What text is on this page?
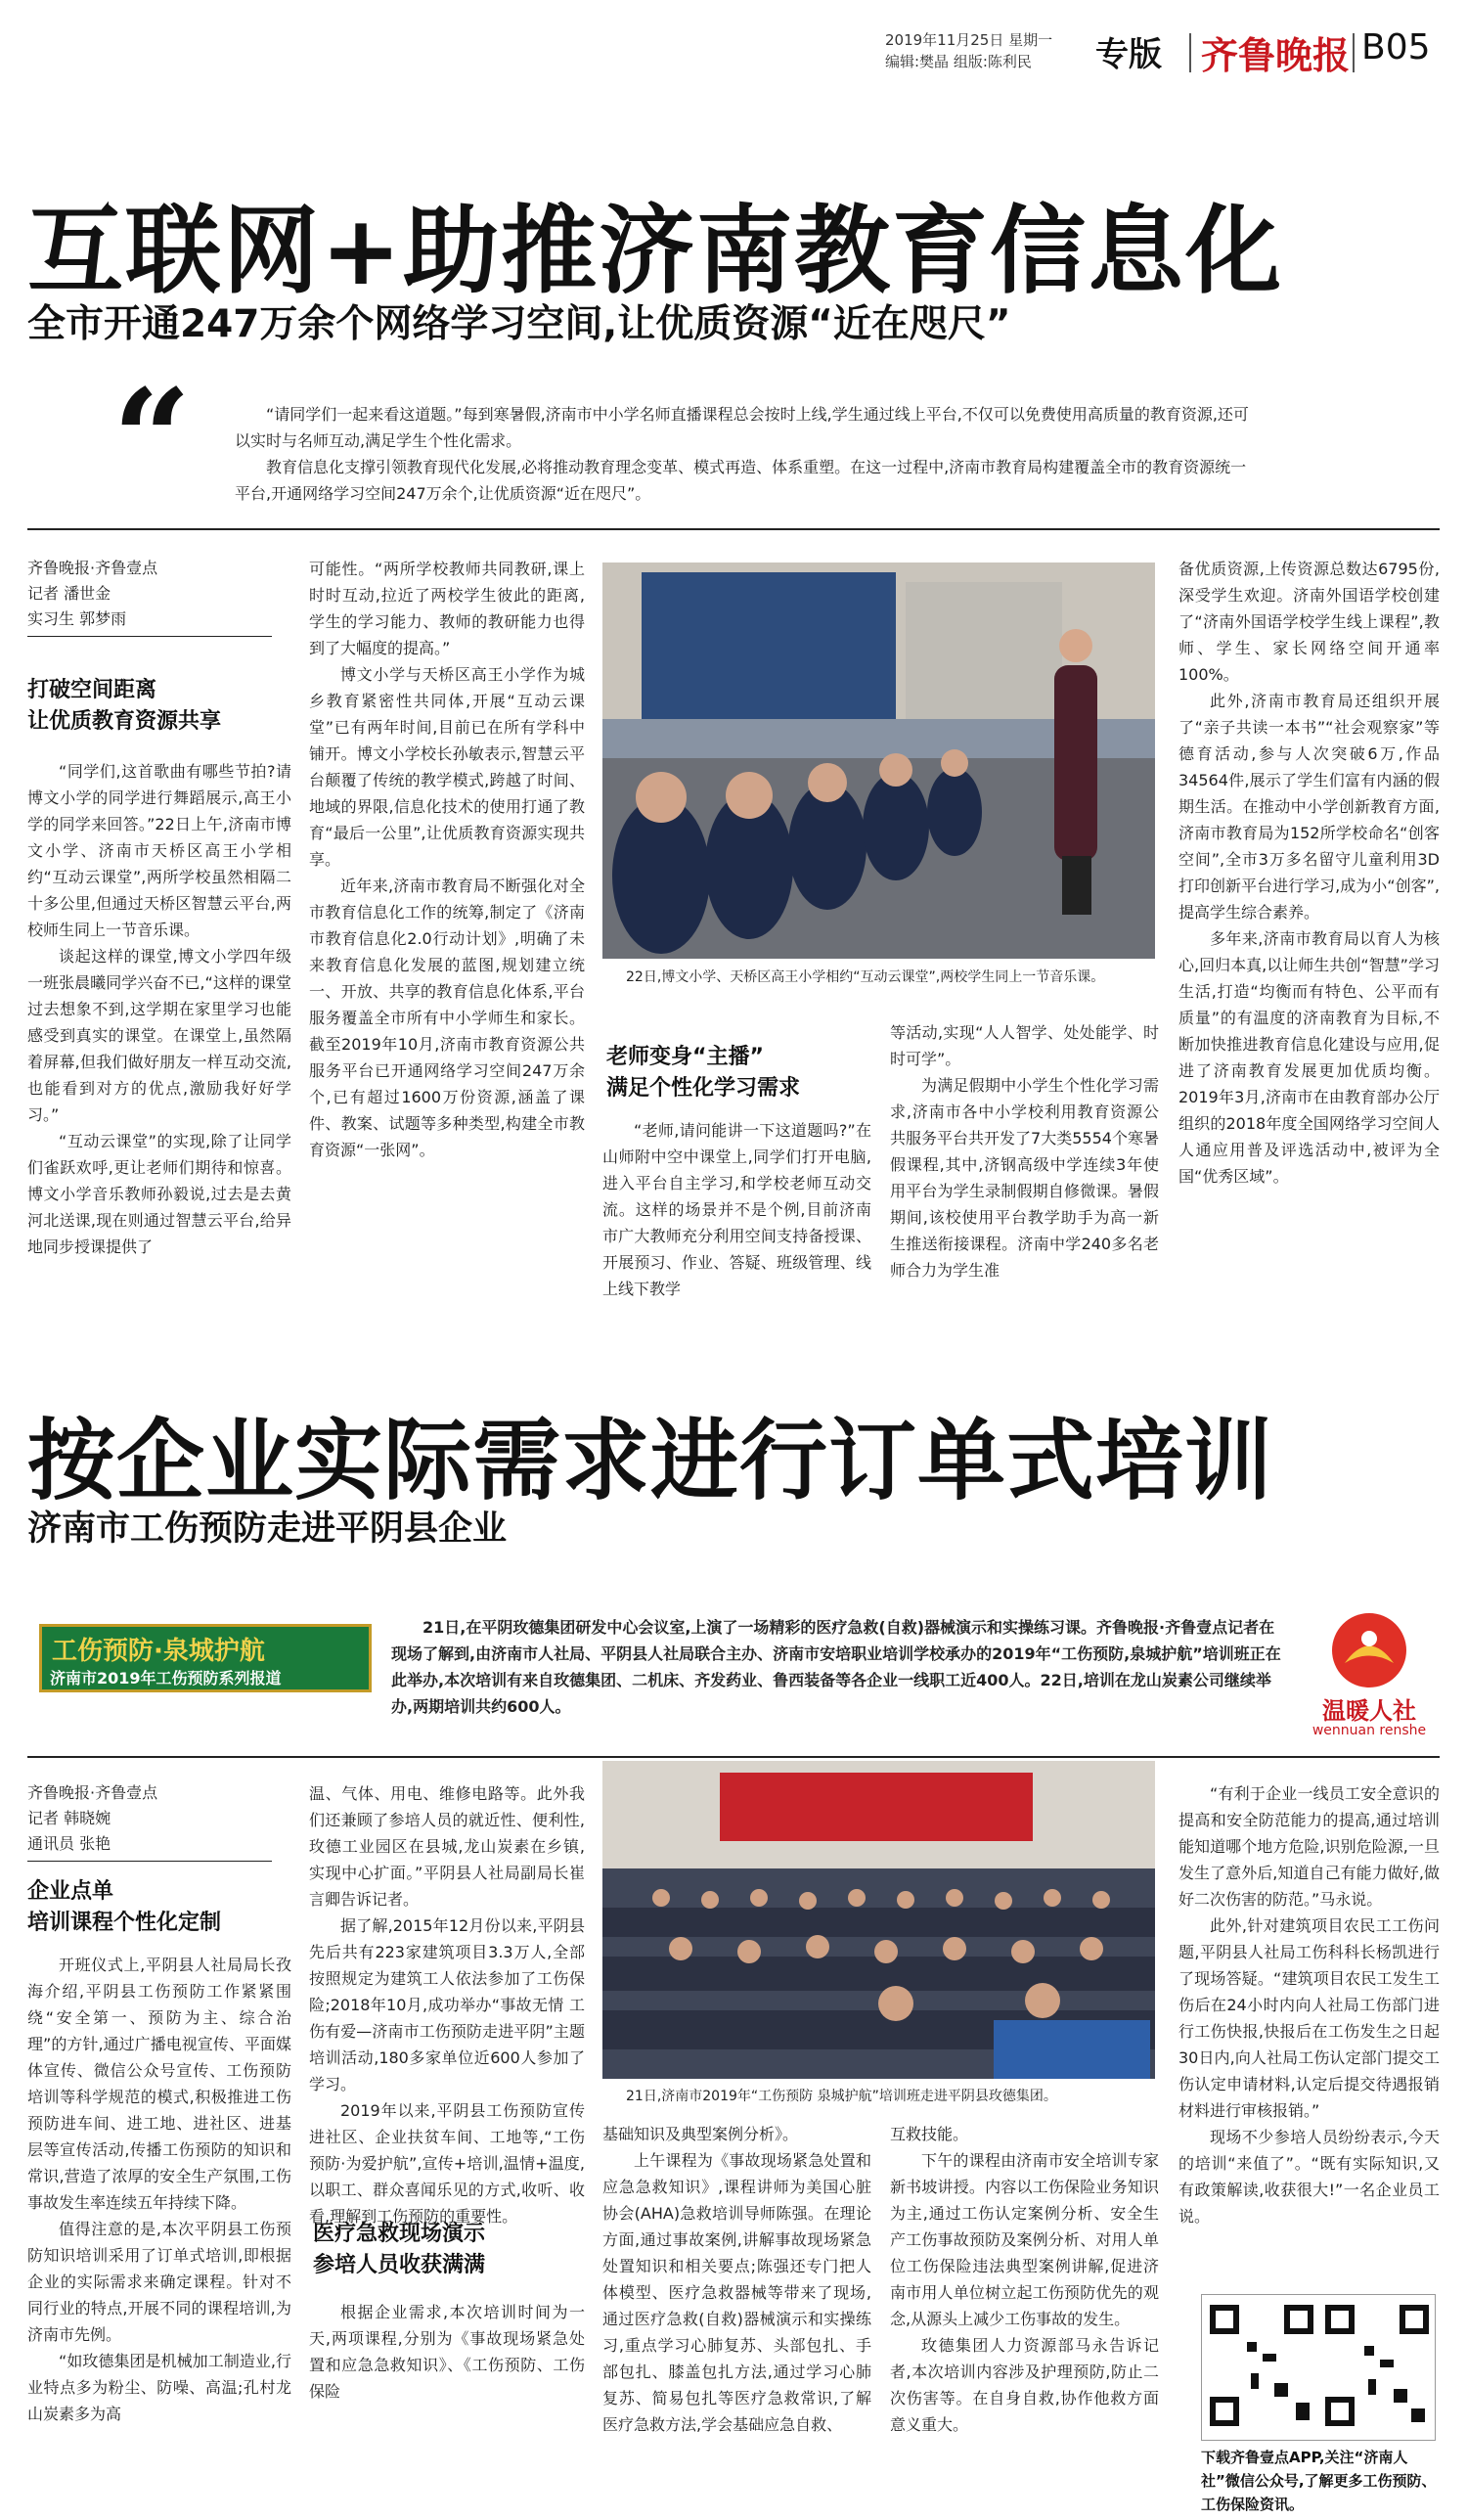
2019年11月25日 星期一
编辑:樊晶 组版:陈利民	专版 齐鲁晚报 B05
互联网+助推济南教育信息化
全市开通247万余个网络学习空间,让优质资源“近在咫尺”
“	“请同学们一起来看这道题。”每到寒暑假,济南市中小学名师直播课程总会按时上线,学生通过线上平台,不仅可以免费使用高质量的教育资源,还可以实时与名师互动,满足学生个性化需求。

教育信息化支撑引领教育现代化发展,必将推动教育理念变革、模式再造、体系重塑。在这一过程中,济南市教育局构建覆盖全市的教育资源统一平台,开通网络学习空间247万余个,让优质资源“近在咫尺”。

齐鲁晚报·齐鲁壹点
记者 潘世金
实习生 郭梦雨
打破空间距离
让优质教育资源共享

“同学们,这首歌曲有哪些节拍?请博文小学的同学进行舞蹈展示,高王小学的同学来回答。”22日上午,济南市博文小学、济南市天桥区高王小学相约“互动云课堂”,两所学校虽然相隔二十多公里,但通过天桥区智慧云平台,两校师生同上一节音乐课。

谈起这样的课堂,博文小学四年级一班张晨曦同学兴奋不已,“这样的课堂过去想象不到,这学期在家里学习也能感受到真实的课堂。在课堂上,虽然隔着屏幕,但我们做好朋友一样互动交流,也能看到对方的优点,激励我好好学习。”

“互动云课堂”的实现,除了让同学们雀跃欢呼,更让老师们期待和惊喜。博文小学音乐教师孙毅说,过去是去黄河北送课,现在则通过智慧云平台,给异地同步授课提供了

可能性。“两所学校教师共同教研,课上时时互动,拉近了两校学生彼此的距离,学生的学习能力、教师的教研能力也得到了大幅度的提高。”

博文小学与天桥区高王小学作为城乡教育紧密性共同体,开展“互动云课堂”已有两年时间,目前已在所有学科中铺开。博文小学校长孙敏表示,智慧云平台颠覆了传统的教学模式,跨越了时间、地域的界限,信息化技术的使用打通了教育“最后一公里”,让优质教育资源实现共享。

近年来,济南市教育局不断强化对全市教育信息化工作的统筹,制定了《济南市教育信息化2.0行动计划》,明确了未来教育信息化发展的蓝图,规划建立统一、开放、共享的教育信息化体系,平台服务覆盖全市所有中小学师生和家长。截至2019年10月,济南市教育资源公共服务平台已开通网络学习空间247万余个,已有超过1600万份资源,涵盖了课件、教案、试题等多种类型,构建全市教育资源“一张网”。

22日,博文小学、天桥区高王小学相约“互动云课堂”,两校学生同上一节音乐课。
老师变身“主播”
满足个性化学习需求

“老师,请问能讲一下这道题吗?”在山师附中空中课堂上,同学们打开电脑,进入平台自主学习,和学校老师互动交流。这样的场景并不是个例,目前济南市广大教师充分利用空间支持备授课、开展预习、作业、答疑、班级管理、线上线下教学

等活动,实现“人人智学、处处能学、时时可学”。

为满足假期中小学生个性化学习需求,济南市各中小学校利用教育资源公共服务平台共开发了7大类5554个寒暑假课程,其中,济钢高级中学连续3年使用平台为学生录制假期自修微课。暑假期间,该校使用平台教学助手为高一新生推送衔接课程。济南中学240多名老师合力为学生准

备优质资源,上传资源总数达6795份,深受学生欢迎。济南外国语学校创建了“济南外国语学校学生线上课程”,教师、学生、家长网络空间开通率100%。

此外,济南市教育局还组织开展了“亲子共读一本书”“社会观察家”等德育活动,参与人次突破6万,作品34564件,展示了学生们富有内涵的假期生活。在推动中小学创新教育方面,济南市教育局为152所学校命名“创客空间”,全市3万多名留守儿童利用3D打印创新平台进行学习,成为小“创客”,提高学生综合素养。

多年来,济南市教育局以育人为核心,回归本真,以让师生共创“智慧”学习生活,打造“均衡而有特色、公平而有质量”的有温度的济南教育为目标,不断加快推进教育信息化建设与应用,促进了济南教育发展更加优质均衡。2019年3月,济南市在由教育部办公厅组织的2018年度全国网络学习空间人人通应用普及评选活动中,被评为全国“优秀区域”。

按企业实际需求进行订单式培训
济南市工伤预防走进平阴县企业
工伤预防·泉城护航
济南市2019年工伤预防系列报道

21日,在平阴玫德集团研发中心会议室,上演了一场精彩的医疗急救(自救)器械演示和实操练习课。齐鲁晚报·齐鲁壹点记者在现场了解到,由济南市人社局、平阴县人社局联合主办、济南市安培职业培训学校承办的2019年“工伤预防,泉城护航”培训班正在此举办,本次培训有来自玫德集团、二机床、齐发药业、鲁西装备等各企业一线职工近400人。22日,培训在龙山炭素公司继续举办,两期培训共约600人。	温暖人社
wennuan renshe
齐鲁晚报·齐鲁壹点
记者 韩晓婉
通讯员 张艳
企业点单
培训课程个性化定制

开班仪式上,平阴县人社局局长孜海介绍,平阴县工伤预防工作紧紧围绕“安全第一、预防为主、综合治理”的方针,通过广播电视宣传、平面媒体宣传、微信公众号宣传、工伤预防培训等科学规范的模式,积极推进工伤预防进车间、进工地、进社区、进基层等宣传活动,传播工伤预防的知识和常识,营造了浓厚的安全生产氛围,工伤事故发生率连续五年持续下降。

值得注意的是,本次平阴县工伤预防知识培训采用了订单式培训,即根据企业的实际需求来确定课程。针对不同行业的特点,开展不同的课程培训,为济南市先例。

“如玫德集团是机械加工制造业,行业特点多为粉尘、防噪、高温;孔村龙山炭素多为高

温、气体、用电、维修电路等。此外我们还兼顾了参培人员的就近性、便利性,玫德工业园区在县城,龙山炭素在乡镇,实现中心扩面。”平阴县人社局副局长崔言卿告诉记者。

据了解,2015年12月份以来,平阴县先后共有223家建筑项目3.3万人,全部按照规定为建筑工人依法参加了工伤保险;2018年10月,成功举办“事故无情 工伤有爱—济南市工伤预防走进平阴”主题培训活动,180多家单位近600人参加了学习。

2019年以来,平阴县工伤预防宣传进社区、企业扶贫车间、工地等,“工伤预防·为爱护航”,宣传+培训,温情+温度,以职工、群众喜闻乐见的方式,收听、收看,理解到工伤预防的重要性。

医疗急救现场演示
参培人员收获满满

根据企业需求,本次培训时间为一天,两项课程,分别为《事故现场紧急处置和应急急救知识》、《工伤预防、工伤保险

21日,济南市2019年“工伤预防 泉城护航”培训班走进平阴县玫德集团。

基础知识及典型案例分析》。

上午课程为《事故现场紧急处置和应急急救知识》,课程讲师为美国心脏协会(AHA)急救培训导师陈强。在理论方面,通过事故案例,讲解事故现场紧急处置知识和相关要点;陈强还专门把人体模型、医疗急救器械等带来了现场,通过医疗急救(自救)器械演示和实操练习,重点学习心肺复苏、头部包扎、手部包扎、膝盖包扎方法,通过学习心肺复苏、简易包扎等医疗急救常识,了解医疗急救方法,学会基础应急自救、

互救技能。

下午的课程由济南市安全培训专家新书坡讲授。内容以工伤保险业务知识为主,通过工伤认定案例分析、安全生产工伤事故预防及案例分析、对用人单位工伤保险违法典型案例讲解,促进济南市用人单位树立起工伤预防优先的观念,从源头上减少工伤事故的发生。

玫德集团人力资源部马永告诉记者,本次培训内容涉及护理预防,防止二次伤害等。在自身自救,协作他救方面意义重大。

“有利于企业一线员工安全意识的提高和安全防范能力的提高,通过培训能知道哪个地方危险,识别危险源,一旦发生了意外后,知道自己有能力做好,做好二次伤害的防范。”马永说。

此外,针对建筑项目农民工工伤问题,平阴县人社局工伤科科长杨凯进行了现场答疑。“建筑项目农民工发生工伤后在24小时内向人社局工伤部门进行工伤快报,快报后在工伤发生之日起30日内,向人社局工伤认定部门提交工伤认定申请材料,认定后提交待遇报销材料进行审核报销。”

现场不少参培人员纷纷表示,今天的培训“来值了”。“既有实际知识,又有政策解读,收获很大!”一名企业员工说。

下载齐鲁壹点APP,关注“济南人社”微信公众号,了解更多工伤预防、工伤保险资讯。
